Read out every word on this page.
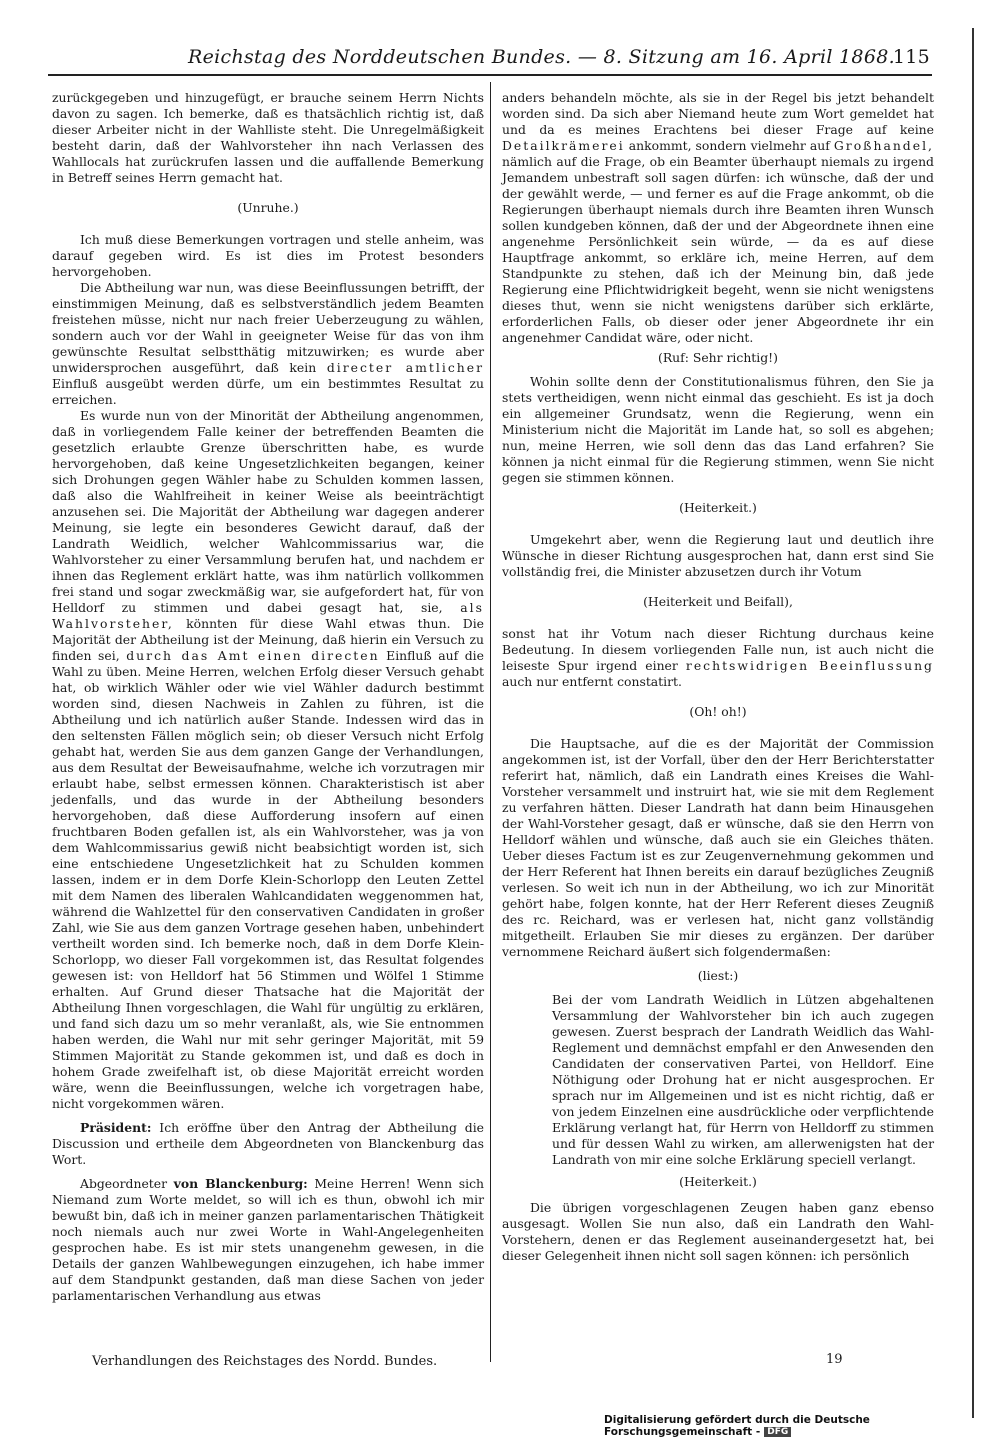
Reichstag des Norddeutschen Bundes. — 8. Sitzung am 16. April 1868.
115

zurückgegeben und hinzugefügt, er brauche seinem Herrn Nichts davon zu sagen. Ich bemerke, daß es thatsächlich richtig ist, daß dieser Arbeiter nicht in der Wahlliste steht. Die Unregelmäßigkeit besteht darin, daß der Wahlvorsteher ihn nach Verlassen des Wahllocals hat zurückrufen lassen und die auffallende Bemerkung in Betreff seines Herrn gemacht hat.

(Unruhe.)

Ich muß diese Bemerkungen vortragen und stelle anheim, was darauf gegeben wird. Es ist dies im Protest besonders hervorgehoben.

Die Abtheilung war nun, was diese Beeinflussungen betrifft, der einstimmigen Meinung, daß es selbstverständlich jedem Beamten freistehen müsse, nicht nur nach freier Ueberzeugung zu wählen, sondern auch vor der Wahl in geeigneter Weise für das von ihm gewünschte Resultat selbstthätig mitzuwirken; es wurde aber unwidersprochen ausgeführt, daß kein directer amtlicher Einfluß ausgeübt werden dürfe, um ein bestimmtes Resultat zu erreichen.

Es wurde nun von der Minorität der Abtheilung angenommen, daß in vorliegendem Falle keiner der betreffenden Beamten die gesetzlich erlaubte Grenze überschritten habe, es wurde hervorgehoben, daß keine Ungesetzlichkeiten begangen, keiner sich Drohungen gegen Wähler habe zu Schulden kommen lassen, daß also die Wahlfreiheit in keiner Weise als beeinträchtigt anzusehen sei. Die Majorität der Abtheilung war dagegen anderer Meinung, sie legte ein besonderes Gewicht darauf, daß der Landrath Weidlich, welcher Wahlcommissarius war, die Wahlvorsteher zu einer Versammlung berufen hat, und nachdem er ihnen das Reglement erklärt hatte, was ihm natürlich vollkommen frei stand und sogar zweckmäßig war, sie aufgefordert hat, für von Helldorf zu stimmen und dabei gesagt hat, sie, als Wahlvorsteher, könnten für diese Wahl etwas thun. Die Majorität der Abtheilung ist der Meinung, daß hierin ein Versuch zu finden sei, durch das Amt einen directen Einfluß auf die Wahl zu üben. Meine Herren, welchen Erfolg dieser Versuch gehabt hat, ob wirklich Wähler oder wie viel Wähler dadurch bestimmt worden sind, diesen Nachweis in Zahlen zu führen, ist die Abtheilung und ich natürlich außer Stande. Indessen wird das in den seltensten Fällen möglich sein; ob dieser Versuch nicht Erfolg gehabt hat, werden Sie aus dem ganzen Gange der Verhandlungen, aus dem Resultat der Beweisaufnahme, welche ich vorzutragen mir erlaubt habe, selbst ermessen können. Charakteristisch ist aber jedenfalls, und das wurde in der Abtheilung besonders hervorgehoben, daß diese Aufforderung insofern auf einen fruchtbaren Boden gefallen ist, als ein Wahlvorsteher, was ja von dem Wahlcommissarius gewiß nicht beabsichtigt worden ist, sich eine entschiedene Ungesetzlichkeit hat zu Schulden kommen lassen, indem er in dem Dorfe Klein-Schorlopp den Leuten Zettel mit dem Namen des liberalen Wahlcandidaten weggenommen hat, während die Wahlzettel für den conservativen Candidaten in großer Zahl, wie Sie aus dem ganzen Vortrage gesehen haben, unbehindert vertheilt worden sind. Ich bemerke noch, daß in dem Dorfe Klein-Schorlopp, wo dieser Fall vorgekommen ist, das Resultat folgendes gewesen ist: von Helldorf hat 56 Stimmen und Wölfel 1 Stimme erhalten. Auf Grund dieser Thatsache hat die Majorität der Abtheilung Ihnen vorgeschlagen, die Wahl für ungültig zu erklären, und fand sich dazu um so mehr veranlaßt, als, wie Sie entnommen haben werden, die Wahl nur mit sehr geringer Majorität, mit 59 Stimmen Majorität zu Stande gekommen ist, und daß es doch in hohem Grade zweifelhaft ist, ob diese Majorität erreicht worden wäre, wenn die Beeinflussungen, welche ich vorgetragen habe, nicht vorgekommen wären.

Präsident: Ich eröffne über den Antrag der Abtheilung die Discussion und ertheile dem Abgeordneten von Blanckenburg das Wort.

Abgeordneter von Blanckenburg: Meine Herren! Wenn sich Niemand zum Worte meldet, so will ich es thun, obwohl ich mir bewußt bin, daß ich in meiner ganzen parlamentarischen Thätigkeit noch niemals auch nur zwei Worte in Wahl-Angelegenheiten gesprochen habe. Es ist mir stets unangenehm gewesen, in die Details der ganzen Wahlbewegungen einzugehen, ich habe immer auf dem Standpunkt gestanden, daß man diese Sachen von jeder parlamentarischen Verhandlung aus etwas

anders behandeln möchte, als sie in der Regel bis jetzt behandelt worden sind. Da sich aber Niemand heute zum Wort gemeldet hat und da es meines Erachtens bei dieser Frage auf keine Detailkrämerei ankommt, sondern vielmehr auf Großhandel, nämlich auf die Frage, ob ein Beamter überhaupt niemals zu irgend Jemandem unbestraft soll sagen dürfen: ich wünsche, daß der und der gewählt werde, — und ferner es auf die Frage ankommt, ob die Regierungen überhaupt niemals durch ihre Beamten ihren Wunsch sollen kundgeben können, daß der und der Abgeordnete ihnen eine angenehme Persönlichkeit sein würde, — da es auf diese Hauptfrage ankommt, so erkläre ich, meine Herren, auf dem Standpunkte zu stehen, daß ich der Meinung bin, daß jede Regierung eine Pflichtwidrigkeit begeht, wenn sie nicht wenigstens dieses thut, wenn sie nicht wenigstens darüber sich erklärte, erforderlichen Falls, ob dieser oder jener Abgeordnete ihr ein angenehmer Candidat wäre, oder nicht.

(Ruf: Sehr richtig!)

Wohin sollte denn der Constitutionalismus führen, den Sie ja stets vertheidigen, wenn nicht einmal das geschieht. Es ist ja doch ein allgemeiner Grundsatz, wenn die Regierung, wenn ein Ministerium nicht die Majorität im Lande hat, so soll es abgehen; nun, meine Herren, wie soll denn das das Land erfahren? Sie können ja nicht einmal für die Regierung stimmen, wenn Sie nicht gegen sie stimmen können.

(Heiterkeit.)

Umgekehrt aber, wenn die Regierung laut und deutlich ihre Wünsche in dieser Richtung ausgesprochen hat, dann erst sind Sie vollständig frei, die Minister abzusetzen durch ihr Votum

(Heiterkeit und Beifall),

sonst hat ihr Votum nach dieser Richtung durchaus keine Bedeutung. In diesem vorliegenden Falle nun, ist auch nicht die leiseste Spur irgend einer rechtswidrigen Beeinflussung auch nur entfernt constatirt.

(Oh! oh!)

Die Hauptsache, auf die es der Majorität der Commission angekommen ist, ist der Vorfall, über den der Herr Berichterstatter referirt hat, nämlich, daß ein Landrath eines Kreises die Wahl-Vorsteher versammelt und instruirt hat, wie sie mit dem Reglement zu verfahren hätten. Dieser Landrath hat dann beim Hinausgehen der Wahl-Vorsteher gesagt, daß er wünsche, daß sie den Herrn von Helldorf wählen und wünsche, daß auch sie ein Gleiches thäten. Ueber dieses Factum ist es zur Zeugenvernehmung gekommen und der Herr Referent hat Ihnen bereits ein darauf bezügliches Zeugniß verlesen. So weit ich nun in der Abtheilung, wo ich zur Minorität gehört habe, folgen konnte, hat der Herr Referent dieses Zeugniß des rc. Reichard, was er verlesen hat, nicht ganz vollständig mitgetheilt. Erlauben Sie mir dieses zu ergänzen. Der darüber vernommene Reichard äußert sich folgendermaßen:

(liest:)

Bei der vom Landrath Weidlich in Lützen abgehaltenen Versammlung der Wahlvorsteher bin ich auch zugegen gewesen. Zuerst besprach der Landrath Weidlich das Wahl-Reglement und demnächst empfahl er den Anwesenden den Candidaten der conservativen Partei, von Helldorf. Eine Nöthigung oder Drohung hat er nicht ausgesprochen. Er sprach nur im Allgemeinen und ist es nicht richtig, daß er von jedem Einzelnen eine ausdrückliche oder verpflichtende Erklärung verlangt hat, für Herrn von Helldorff zu stimmen und für dessen Wahl zu wirken, am allerwenigsten hat der Landrath von mir eine solche Erklärung speciell verlangt.

(Heiterkeit.)

Die übrigen vorgeschlagenen Zeugen haben ganz ebenso ausgesagt. Wollen Sie nun also, daß ein Landrath den Wahl-Vorstehern, denen er das Reglement auseinandergesetzt hat, bei dieser Gelegenheit ihnen nicht soll sagen können: ich persönlich

Verhandlungen des Reichstages des Nordd. Bundes.	19
Digitalisierung gefördert durch die Deutsche Forschungsgemeinschaft - DFG
